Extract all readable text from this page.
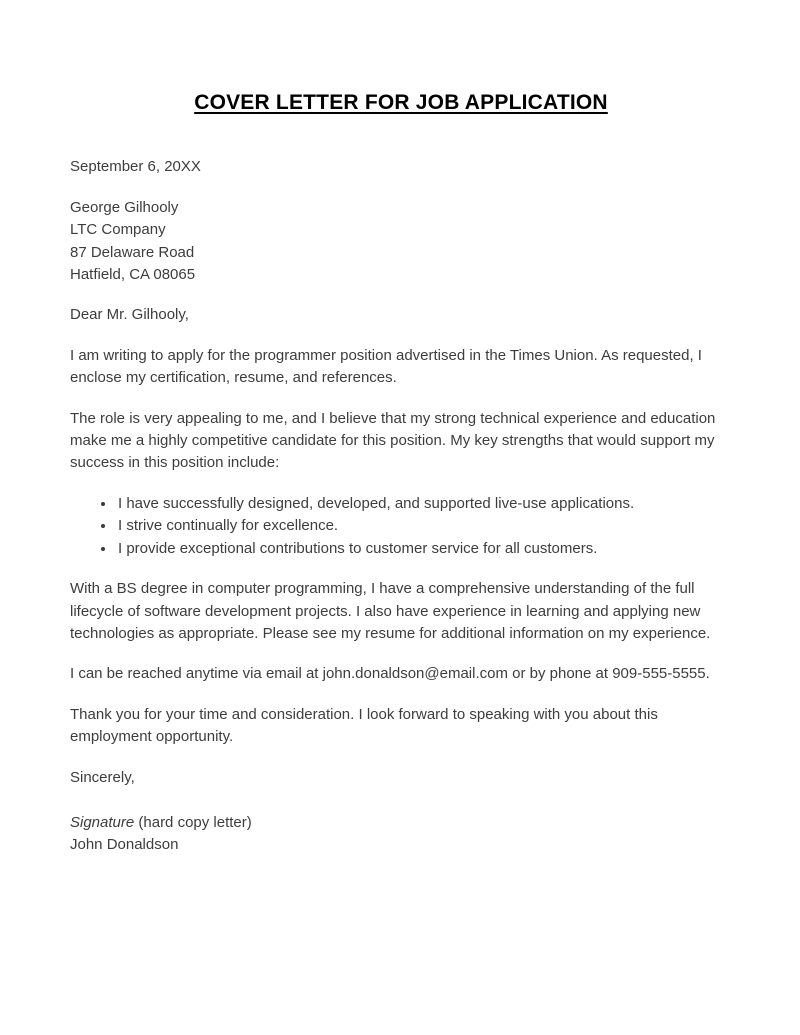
COVER LETTER FOR JOB APPLICATION

September 6, 20XX

George Gilhooly
LTC Company
87 Delaware Road
Hatfield, CA 08065

Dear Mr. Gilhooly,

I am writing to apply for the programmer position advertised in the Times Union. As requested, I enclose my certification, resume, and references.

The role is very appealing to me, and I believe that my strong technical experience and education make me a highly competitive candidate for this position. My key strengths that would support my success in this position include:

• I have successfully designed, developed, and supported live-use applications.
• I strive continually for excellence.
• I provide exceptional contributions to customer service for all customers.

With a BS degree in computer programming, I have a comprehensive understanding of the full lifecycle of software development projects. I also have experience in learning and applying new technologies as appropriate. Please see my resume for additional information on my experience.

I can be reached anytime via email at john.donaldson@email.com or by phone at 909-555-5555.

Thank you for your time and consideration. I look forward to speaking with you about this employment opportunity.

Sincerely,

Signature (hard copy letter)

John Donaldson
